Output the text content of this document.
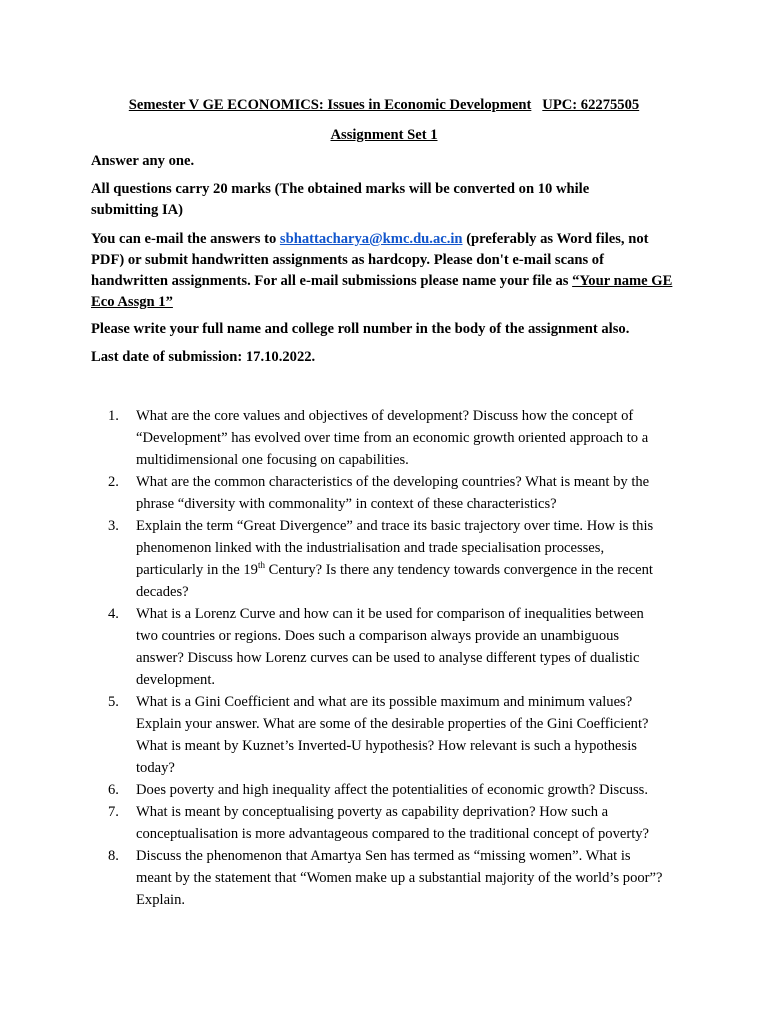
Semester V GE ECONOMICS: Issues in Economic Development UPC: 62275505
Assignment Set 1
Answer any one.
All questions carry 20 marks (The obtained marks will be converted on 10 while submitting IA)
You can e-mail the answers to sbhattacharya@kmc.du.ac.in (preferably as Word files, not PDF) or submit handwritten assignments as hardcopy. Please don't e-mail scans of handwritten assignments. For all e-mail submissions please name your file as “Your name GE Eco Assgn 1”
Please write your full name and college roll number in the body of the assignment also.
Last date of submission: 17.10.2022.
1. What are the core values and objectives of development? Discuss how the concept of “Development” has evolved over time from an economic growth oriented approach to a multidimensional one focusing on capabilities.
2. What are the common characteristics of the developing countries? What is meant by the phrase “diversity with commonality” in context of these characteristics?
3. Explain the term “Great Divergence” and trace its basic trajectory over time. How is this phenomenon linked with the industrialisation and trade specialisation processes, particularly in the 19th Century? Is there any tendency towards convergence in the recent decades?
4. What is a Lorenz Curve and how can it be used for comparison of inequalities between two countries or regions. Does such a comparison always provide an unambiguous answer? Discuss how Lorenz curves can be used to analyse different types of dualistic development.
5. What is a Gini Coefficient and what are its possible maximum and minimum values? Explain your answer. What are some of the desirable properties of the Gini Coefficient? What is meant by Kuznet’s Inverted-U hypothesis? How relevant is such a hypothesis today?
6. Does poverty and high inequality affect the potentialities of economic growth? Discuss.
7. What is meant by conceptualising poverty as capability deprivation? How such a conceptualisation is more advantageous compared to the traditional concept of poverty?
8. Discuss the phenomenon that Amartya Sen has termed as “missing women”. What is meant by the statement that “Women make up a substantial majority of the world’s poor”? Explain.
